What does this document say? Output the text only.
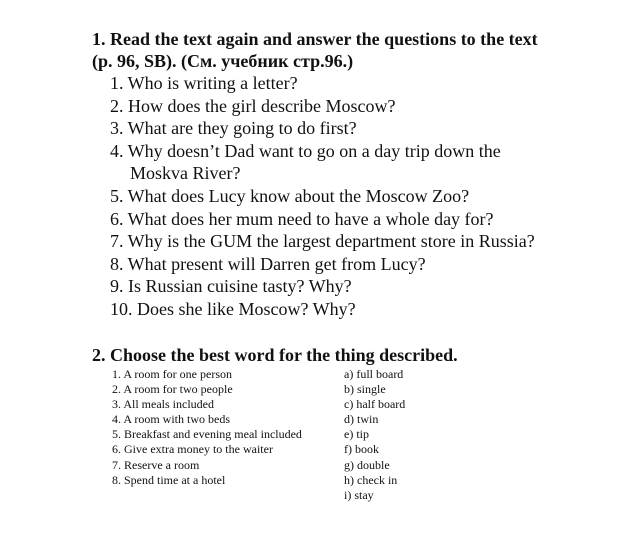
1. Read the text again and answer the questions to the text
(p. 96, SB). (См. учебник стр.96.)
1. Who is writing a letter?
2. How does the girl describe Moscow?
3. What are they going to do first?
4. Why doesn’t Dad want to go on a day trip down the
Moskva River?
5. What does Lucy know about the Moscow Zoo?
6. What does her mum need to have a whole day for?
7. Why is the GUM the largest department store in Russia?
8. What present will Darren get from Lucy?
9. Is Russian cuisine tasty? Why?
10. Does she like Moscow? Why?
2. Choose the best word for the thing described.
1. A room for one person
2. A room for two people
3. All meals included
4. A room with two beds
5. Breakfast and evening meal included
6. Give extra money to the waiter
7. Reserve a room
8. Spend time at a hotel
a) full board
b) single
c) half board
d) twin
e) tip
f) book
g) double
h) check in
i) stay
